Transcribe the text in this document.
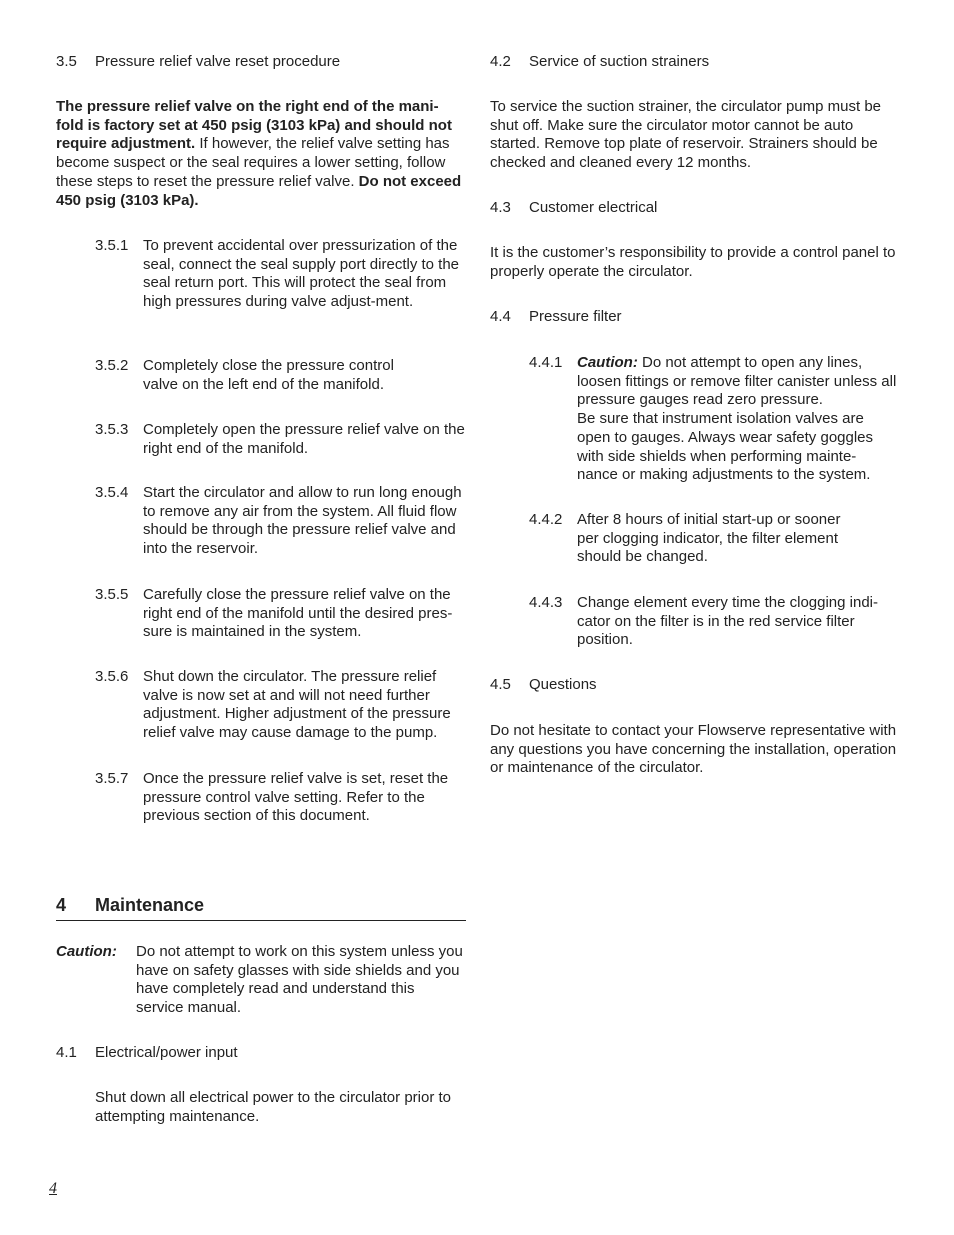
3.5 Pressure relief valve reset procedure

The pressure relief valve on the right end of the mani-fold is factory set at 450 psig (3103 kPa) and should not require adjustment. If however, the relief valve setting has become suspect or the seal requires a lower setting, follow these steps to reset the pressure relief valve. Do not exceed 450 psig (3103 kPa).

3.5.1 To prevent accidental over pressurization of the seal, connect the seal supply port directly to the seal return port. This will protect the seal from high pressures during valve adjust-ment.
3.5.2 Completely close the pressure control valve on the left end of the manifold.
3.5.3 Completely open the pressure relief valve on the right end of the manifold.
3.5.4 Start the circulator and allow to run long enough to remove any air from the system. All fluid flow should be through the pressure relief valve and into the reservoir.
3.5.5 Carefully close the pressure relief valve on the right end of the manifold until the desired pres-sure is maintained in the system.
3.5.6 Shut down the circulator. The pressure relief valve is now set at and will not need further adjustment. Higher adjustment of the pressure relief valve may cause damage to the pump.
3.5.7 Once the pressure relief valve is set, reset the pressure control valve setting. Refer to the previous section of this document.
4 Maintenance
Caution: Do not attempt to work on this system unless you have on safety glasses with side shields and you have completely read and understand this service manual.
4.1 Electrical/power input

Shut down all electrical power to the circulator prior to attempting maintenance.

4.2 Service of suction strainers

To service the suction strainer, the circulator pump must be shut off. Make sure the circulator motor cannot be auto started. Remove top plate of reservoir. Strainers should be checked and cleaned every 12 months.

4.3 Customer electrical

It is the customer’s responsibility to provide a control panel to properly operate the circulator.

4.4 Pressure filter
4.4.1 Caution: Do not attempt to open any lines, loosen fittings or remove filter canister unless all pressure gauges read zero pressure.
Be sure that instrument isolation valves are open to gauges. Always wear safety goggles with side shields when performing mainte-nance or making adjustments to the system.
4.4.2 After 8 hours of initial start-up or sooner per clogging indicator, the filter element should be changed.
4.4.3 Change element every time the clogging indi-cator on the filter is in the red service filter position.
4.5 Questions

Do not hesitate to contact your Flowserve representative with any questions you have concerning the installation, operation or maintenance of the circulator.

4
